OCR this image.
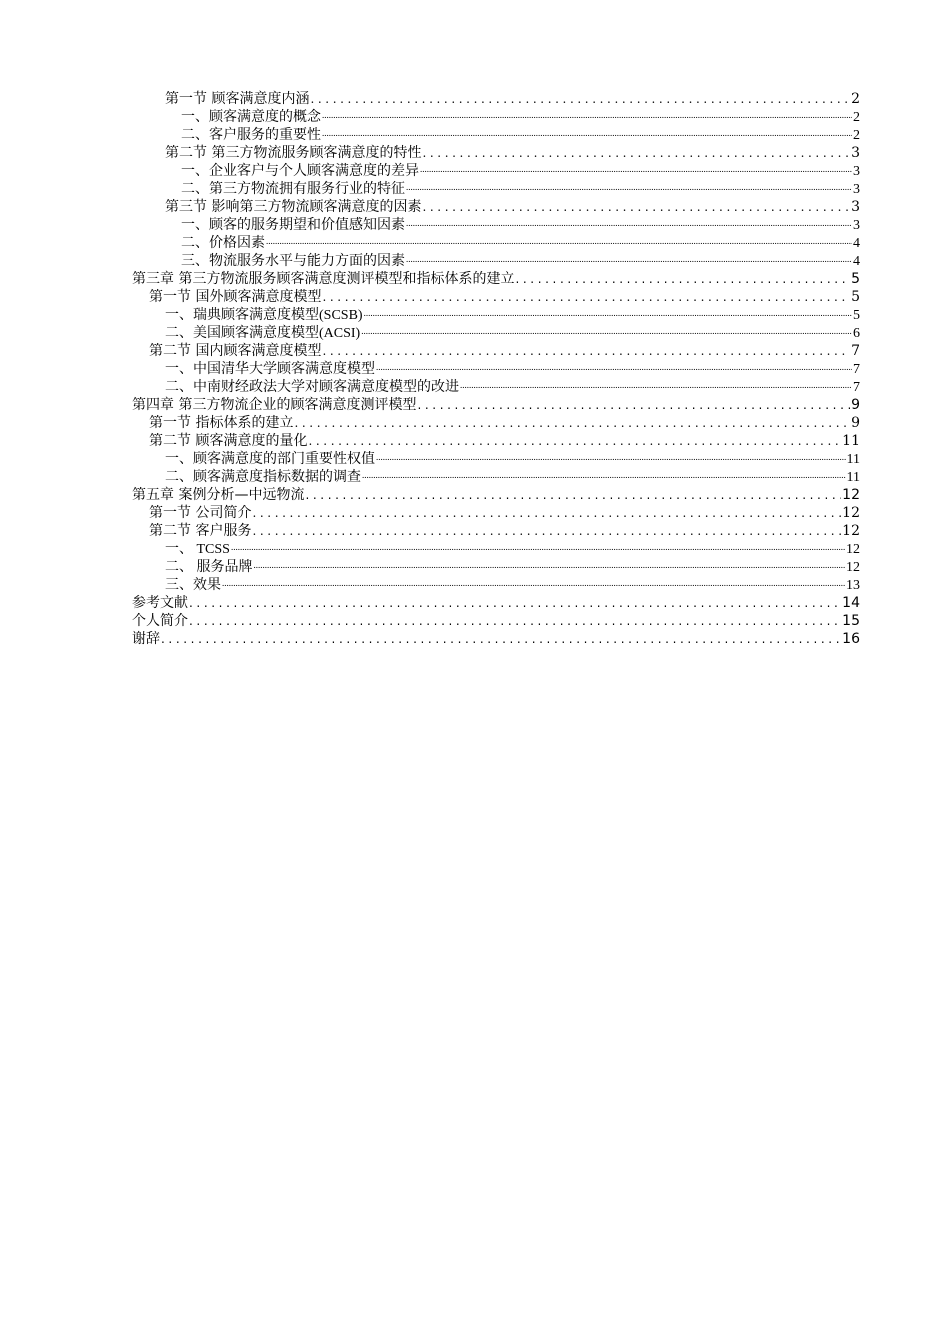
第一节 顾客满意度内涵 .....	2
一、顾客满意度的概念 .....	2
二、客户服务的重要性 .....	2
第二节 第三方物流服务顾客满意度的特性 .....	3
一、企业客户与个人顾客满意度的差异 .....	3
二、第三方物流拥有服务行业的特征 .....	3
第三节 影响第三方物流顾客满意度的因素 .....	3
一、顾客的服务期望和价值感知因素 .....	3
二、价格因素 .....	4
三、物流服务水平与能力方面的因素 .....	4
第三章 第三方物流服务顾客满意度测评模型和指标体系的建立 .....	5
第一节 国外顾客满意度模型 .....	5
一、瑞典顾客满意度模型(SCSB) .....	5
二、美国顾客满意度模型(ACSI) .....	6
第二节 国内顾客满意度模型 .....	7
一、中国清华大学顾客满意度模型 .....	7
二、中南财经政法大学对顾客满意度模型的改进 .....	7
第四章 第三方物流企业的顾客满意度测评模型 .....	9
第一节 指标体系的建立 .....	9
第二节 顾客满意度的量化 .....	11
一、顾客满意度的部门重要性权值 .....	11
二、顾客满意度指标数据的调查 .....	11
第五章 案例分析—中远物流 .....	12
第一节 公司简介 .....	12
第二节 客户服务 .....	12
一、 TCSS .....	12
二、 服务品牌 .....	12
三、效果 .....	13
参考文献 .....	14
个人简介 .....	15
谢辞 .....	16
